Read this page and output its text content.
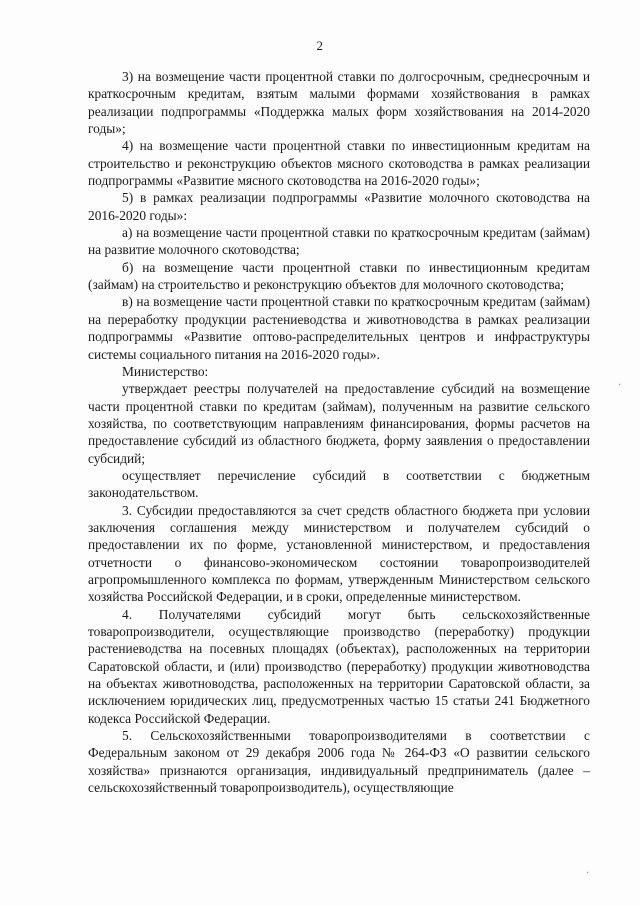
2

3) на возмещение части процентной ставки по долгосрочным, среднесрочным и краткосрочным кредитам, взятым малыми формами хозяйствования в рамках реализации подпрограммы «Поддержка малых форм хозяйствования на 2014-2020 годы»;

4) на возмещение части процентной ставки по инвестиционным кредитам на строительство и реконструкцию объектов мясного скотоводства в рамках реализации подпрограммы «Развитие мясного скотоводства на 2016-2020 годы»;

5) в рамках реализации подпрограммы «Развитие молочного скотоводства на 2016-2020 годы»:

а) на возмещение части процентной ставки по краткосрочным кредитам (займам) на развитие молочного скотоводства;

б) на возмещение части процентной ставки по инвестиционным кредитам (займам) на строительство и реконструкцию объектов для молочного скотоводства;

в) на возмещение части процентной ставки по краткосрочным кредитам (займам) на переработку продукции растениеводства и животноводства в рамках реализации подпрограммы «Развитие оптово-распределительных центров и инфраструктуры системы социального питания на 2016-2020 годы».

Министерство:

утверждает реестры получателей на предоставление субсидий на возмещение части процентной ставки по кредитам (займам), полученным на развитие сельского хозяйства, по соответствующим направлениям финансирования, формы расчетов на предоставление субсидий из областного бюджета, форму заявления о предоставлении субсидий;

осуществляет перечисление субсидий в соответствии с бюджетным законодательством.

3. Субсидии предоставляются за счет средств областного бюджета при условии заключения соглашения между министерством и получателем субсидий о предоставлении их по форме, установленной министерством, и предоставления отчетности о финансово-экономическом состоянии товаропроизводителей агропромышленного комплекса по формам, утвержденным Министерством сельского хозяйства Российской Федерации, и в сроки, определенные министерством.

4. Получателями субсидий могут быть сельскохозяйственные товаропроизводители, осуществляющие производство (переработку) продукции растениеводства на посевных площадях (объектах), расположенных на территории Саратовской области, и (или) производство (переработку) продукции животноводства на объектах животноводства, расположенных на территории Саратовской области, за исключением юридических лиц, предусмотренных частью 15 статьи 241 Бюджетного кодекса Российской Федерации.

5. Сельскохозяйственными товаропроизводителями в соответствии с Федеральным законом от 29 декабря 2006 года № 264-ФЗ «О развитии сельского хозяйства» признаются организация, индивидуальный предприниматель (далее – сельскохозяйственный товаропроизводитель), осуществляющие

·
·
